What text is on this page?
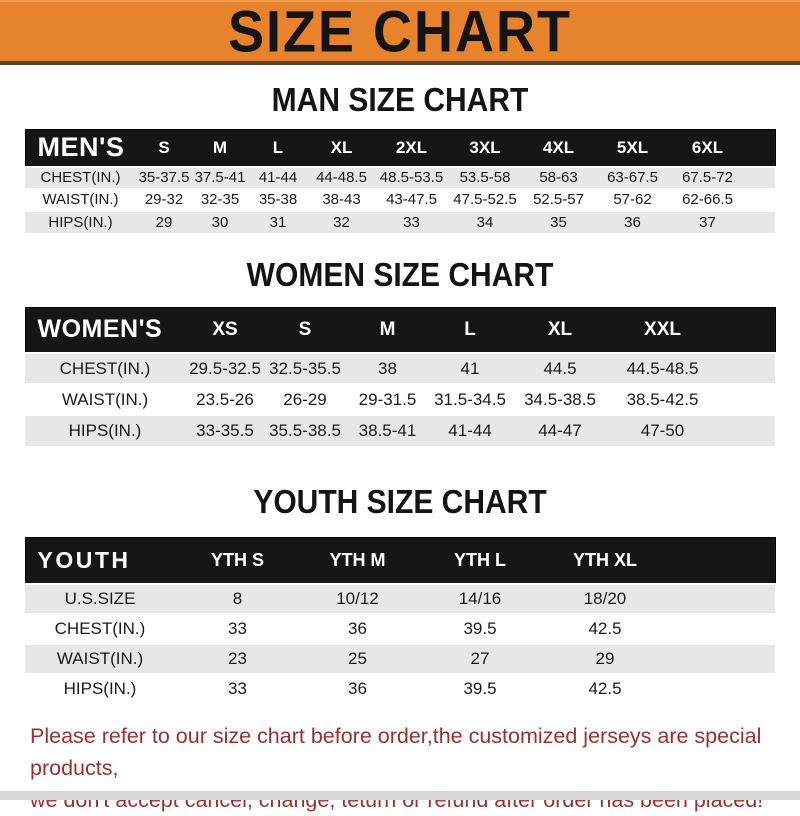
SIZE CHART
MAN SIZE CHART
MEN'S	S	M	L	XL	2XL	3XL	4XL	5XL	6XL	
CHEST(IN.)	35-37.5	37.5-41	41-44	44-48.5	48.5-53.5	53.5-58	58-63	63-67.5	67.5-72	
WAIST(IN.)	29-32	32-35	35-38	38-43	43-47.5	47.5-52.5	52.5-57	57-62	62-66.5	
HIPS(IN.)	29	30	31	32	33	34	35	36	37	
WOMEN SIZE CHART
WOMEN'S	XS	S	M	L	XL	XXL	
CHEST(IN.)	29.5-32.5	32.5-35.5	38	41	44.5	44.5-48.5	
WAIST(IN.)	23.5-26	26-29	29-31.5	31.5-34.5	34.5-38.5	38.5-42.5	
HIPS(IN.)	33-35.5	35.5-38.5	38.5-41	41-44	44-47	47-50	
YOUTH SIZE CHART
YOUTH	YTH S	YTH M	YTH L	YTH XL	
U.S.SIZE	8	10/12	14/16	18/20	
CHEST(IN.)	33	36	39.5	42.5	
WAIST(IN.)	23	25	27	29	
HIPS(IN.)	33	36	39.5	42.5	

Please refer to our size chart before order,the customized jerseys are special products,
